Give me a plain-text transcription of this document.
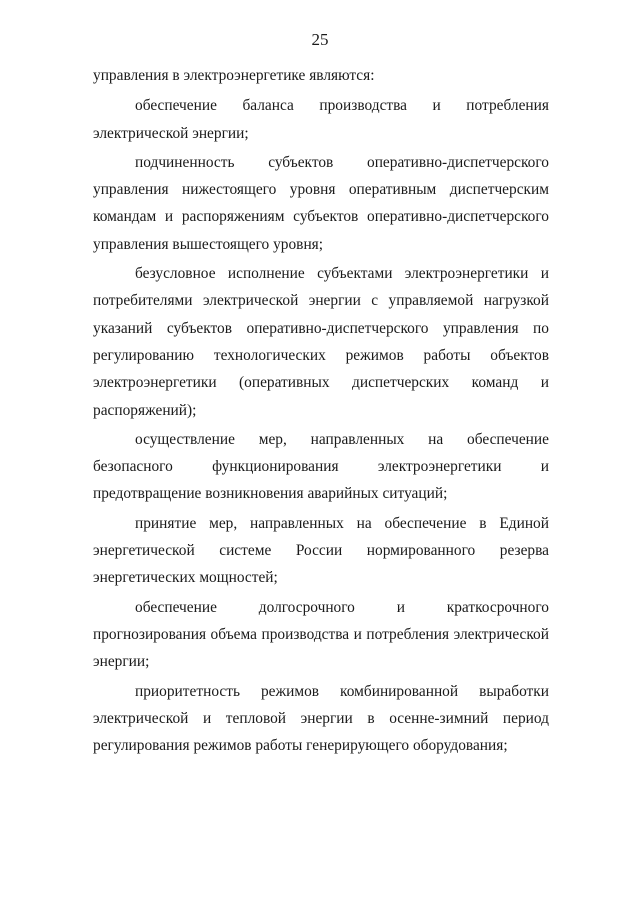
25

управления в электроэнергетике являются:

обеспечение баланса производства и потребления электрической энергии;

подчиненность субъектов оперативно-диспетчерского управления нижестоящего уровня оперативным диспетчерским командам и распоряжениям субъектов оперативно-диспетчерского управления вышестоящего уровня;

безусловное исполнение субъектами электроэнергетики и потребителями электрической энергии с управляемой нагрузкой указаний субъектов оперативно-диспетчерского управления по регулированию технологических режимов работы объектов электроэнергетики (оперативных диспетчерских команд и распоряжений);

осуществление мер, направленных на обеспечение безопасного функционирования электроэнергетики и предотвращение возникновения аварийных ситуаций;

принятие мер, направленных на обеспечение в Единой энергетической системе России нормированного резерва энергетических мощностей;

обеспечение долгосрочного и краткосрочного прогнозирования объема производства и потребления электрической энергии;

приоритетность режимов комбинированной выработки электрической и тепловой энергии в осенне-зимний период регулирования режимов работы генерирующего оборудования;
